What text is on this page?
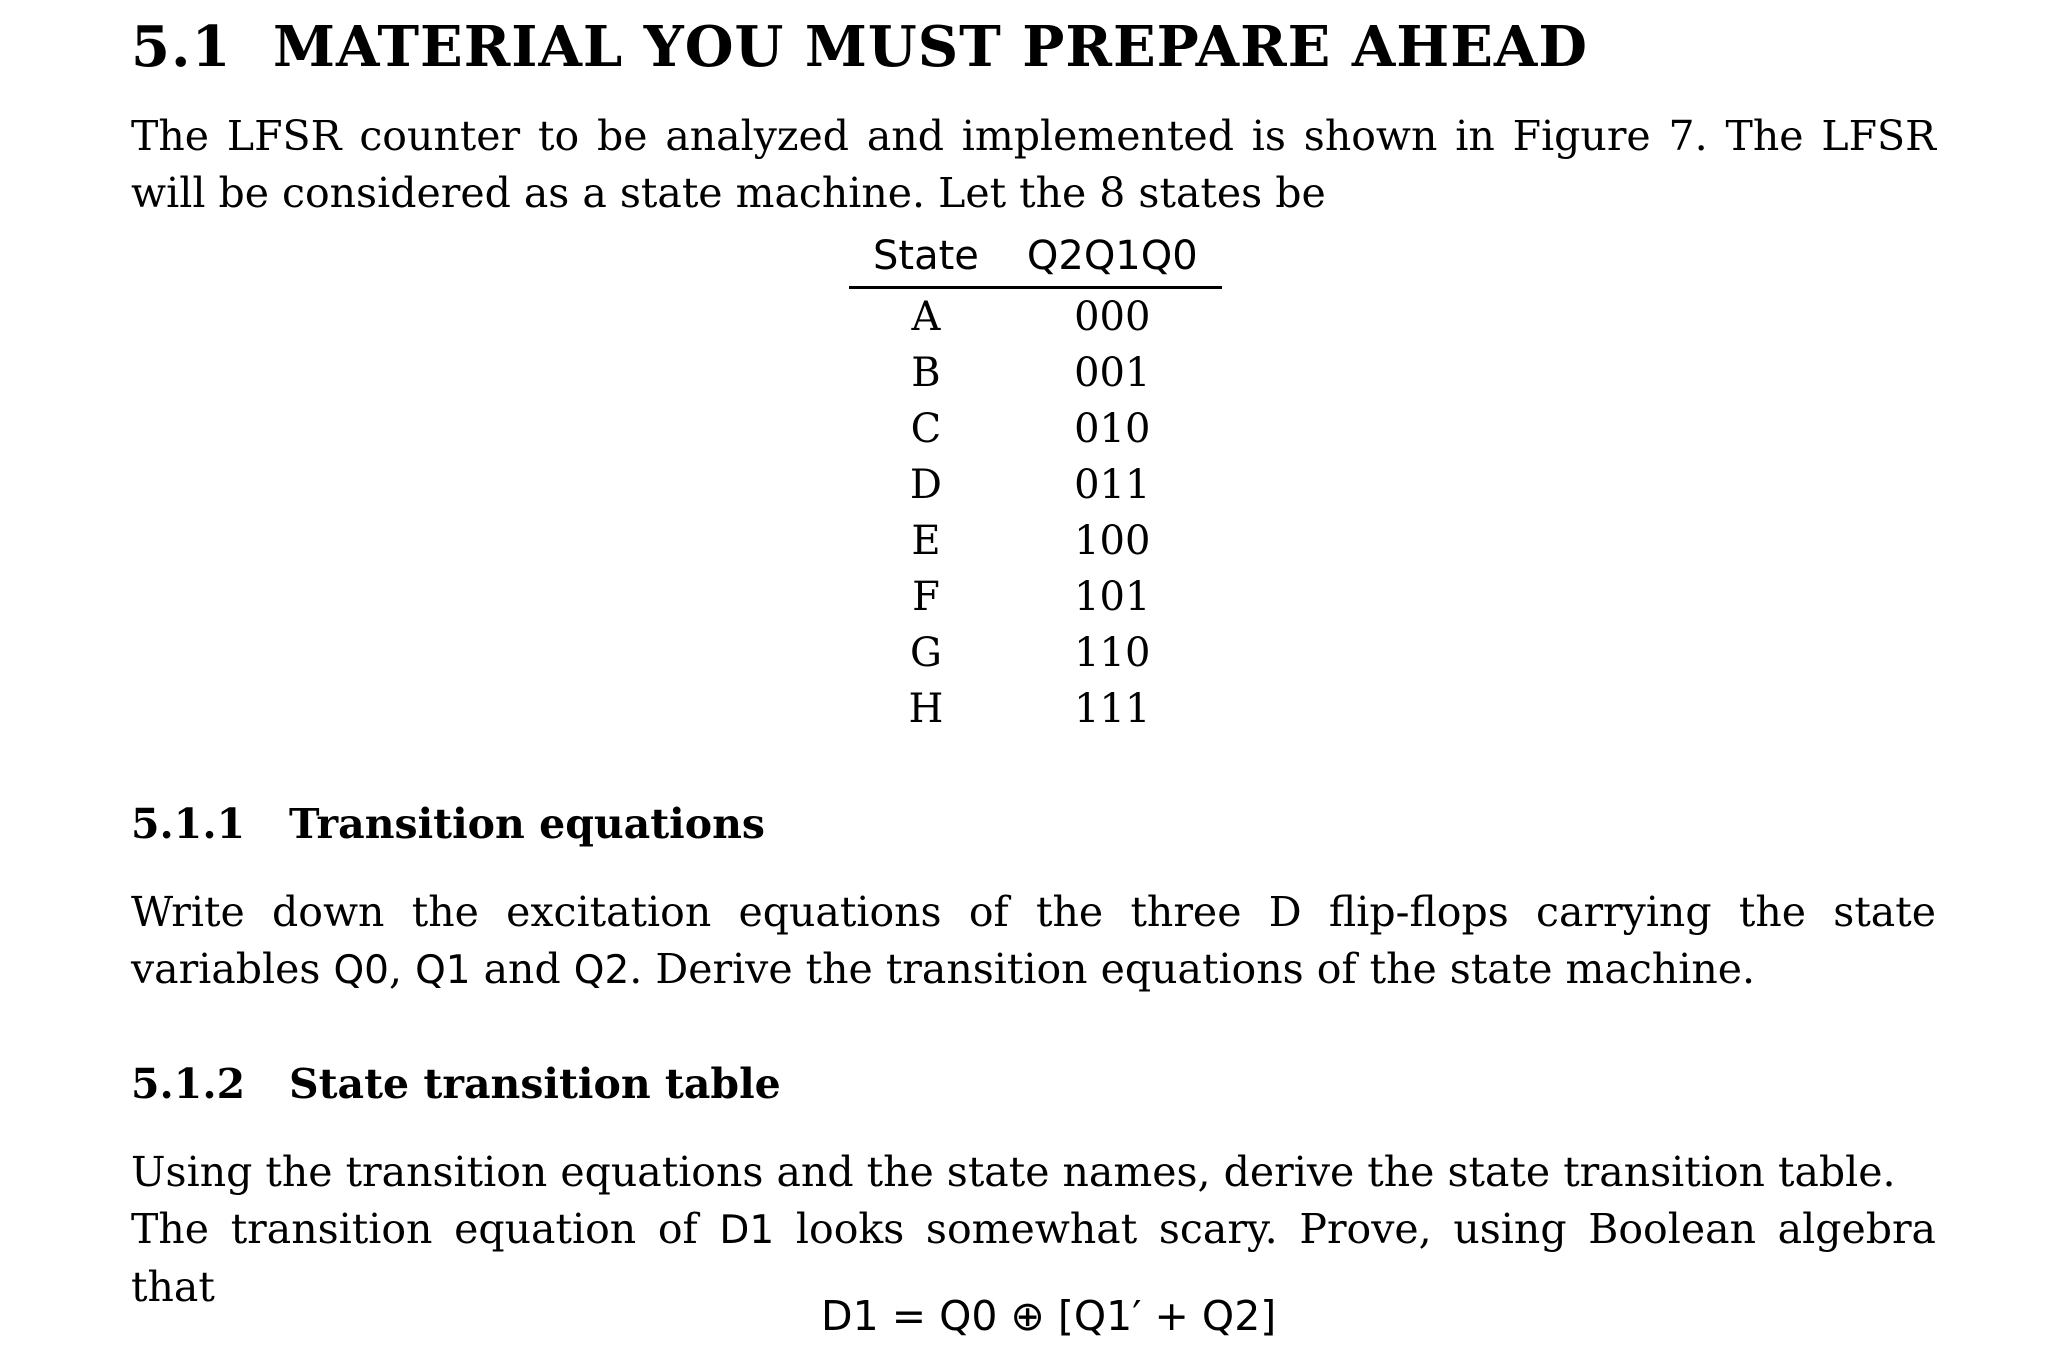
5.1 MATERIAL YOU MUST PREPARE AHEAD

The LFSR counter to be analyzed and implemented is shown in Figure 7. The LFSR will be considered as a state machine. Let the 8 states be

State	Q2Q1Q0
A	000
B	001
C	010
D	011
E	100
F	101
G	110
H	111
5.1.1 Transition equations

Write down the excitation equations of the three D flip-flops carrying the state variables Q0, Q1 and Q2. Derive the transition equations of the state machine.

5.1.2 State transition table

Using the transition equations and the state names, derive the state transition table.

The transition equation of D1 looks somewhat scary. Prove, using Boolean algebra that

D1 = Q0 ⊕ [Q1′ + Q2]
